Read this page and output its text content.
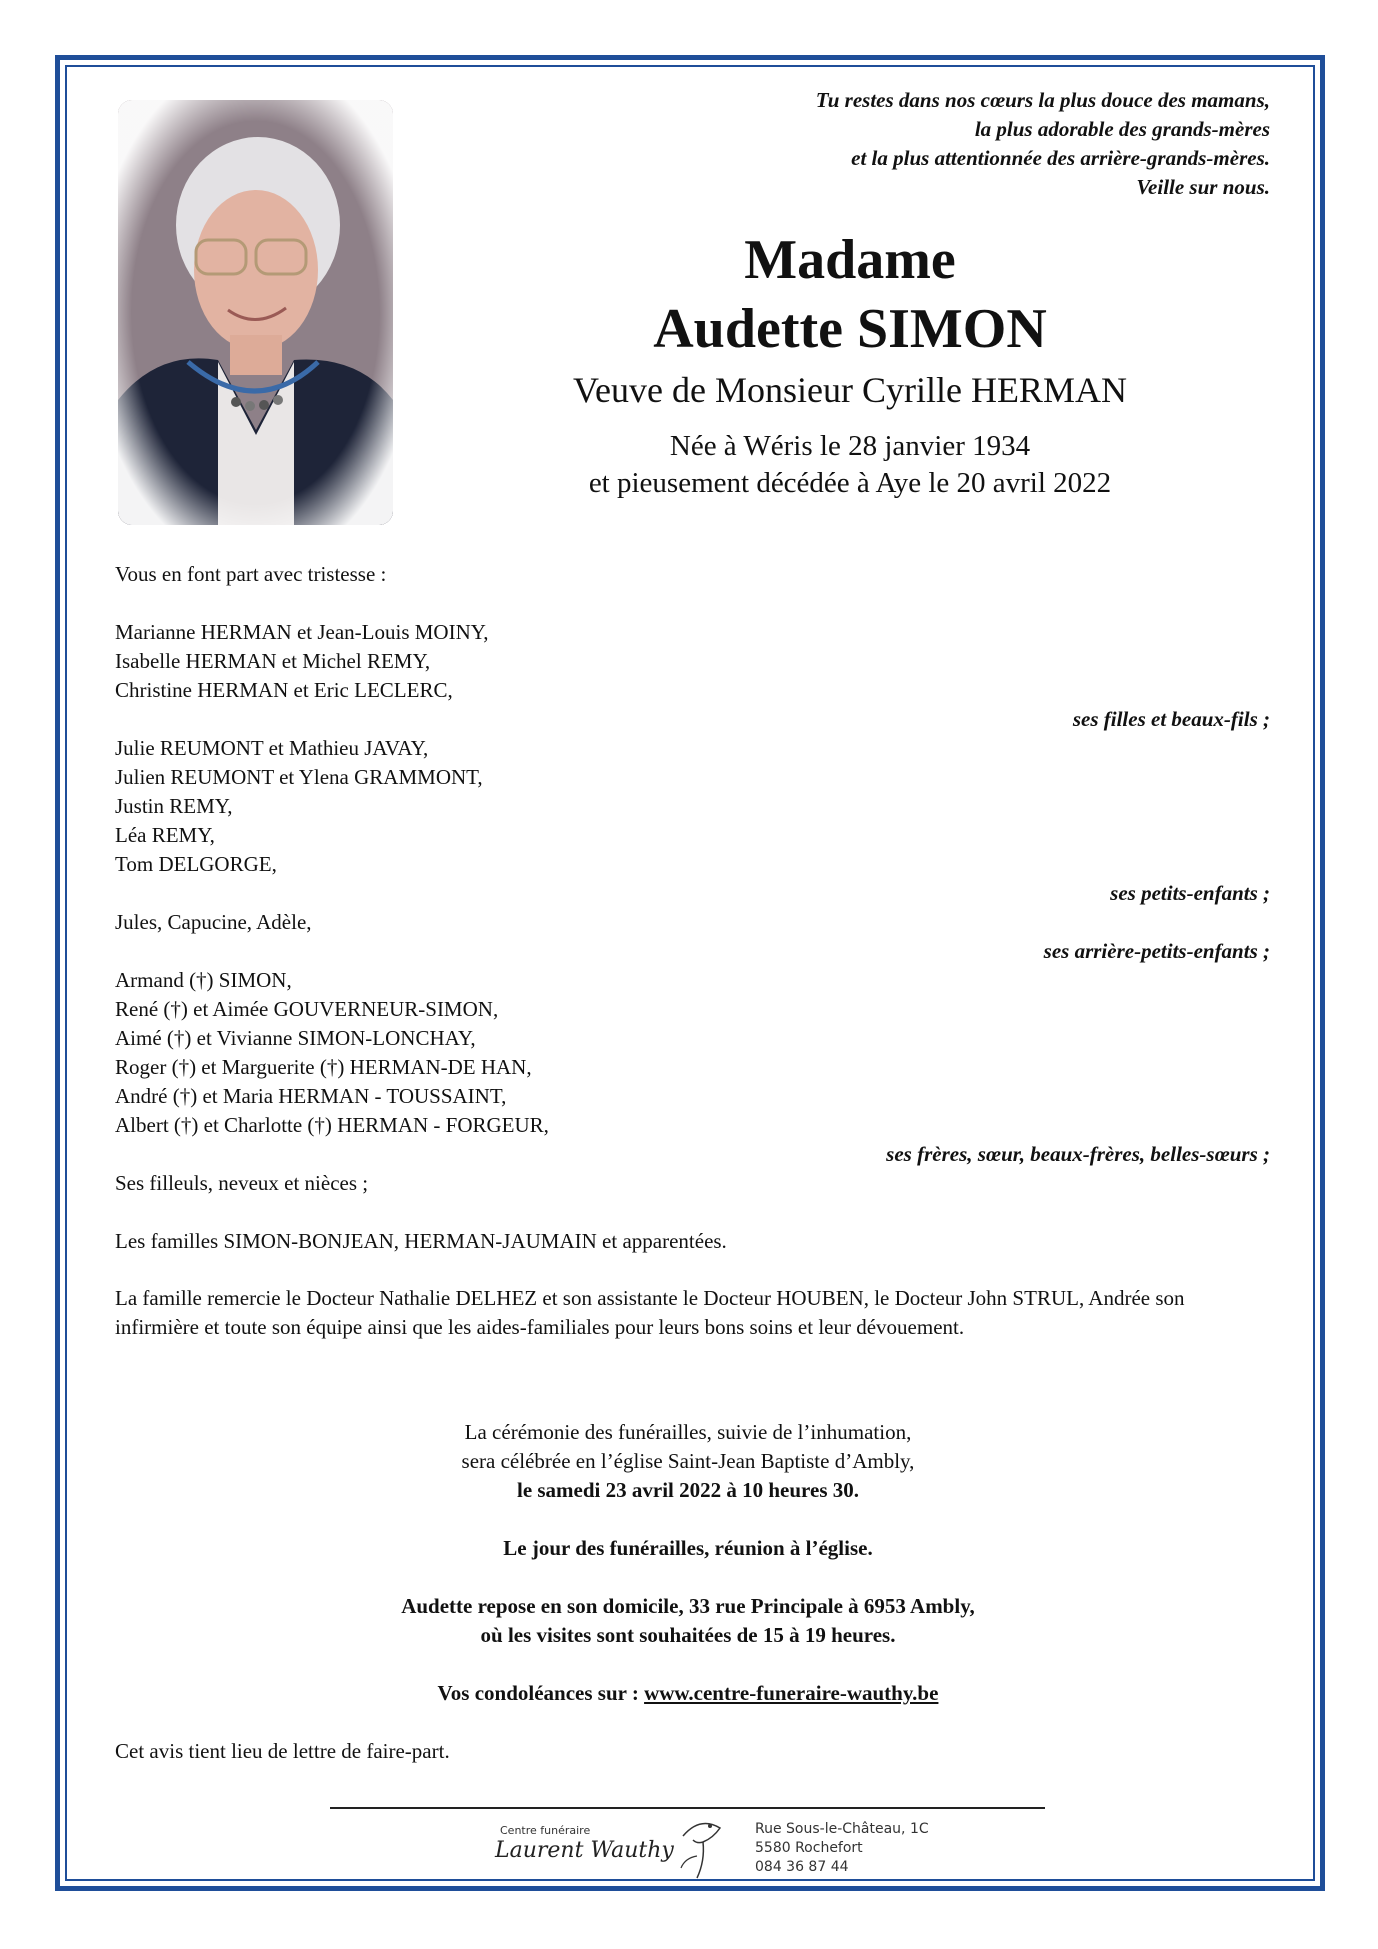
Tu restes dans nos cœurs la plus douce des mamans,
la plus adorable des grands-mères
et la plus attentionnée des arrière-grands-mères.
Veille sur nous.
Madame
Audette SIMON
Veuve de Monsieur Cyrille HERMAN
Née à Wéris le 28 janvier 1934
et pieusement décédée à Aye le 20 avril 2022
Vous en font part avec tristesse :
Marianne HERMAN et Jean-Louis MOINY,
Isabelle HERMAN et Michel REMY,
Christine HERMAN et Eric LECLERC,
ses filles et beaux-fils ;
Julie REUMONT et Mathieu JAVAY,
Julien REUMONT et Ylena GRAMMONT,
Justin REMY,
Léa REMY,
Tom DELGORGE,
ses petits-enfants ;
Jules, Capucine, Adèle,
ses arrière-petits-enfants ;
Armand (†) SIMON,
René (†) et Aimée GOUVERNEUR-SIMON,
Aimé (†) et Vivianne SIMON-LONCHAY,
Roger (†) et Marguerite (†) HERMAN-DE HAN,
André (†) et Maria HERMAN - TOUSSAINT,
Albert (†) et Charlotte (†) HERMAN - FORGEUR,
ses frères, sœur, beaux-frères, belles-sœurs ;
Ses filleuls, neveux et nièces ;
Les familles SIMON-BONJEAN, HERMAN-JAUMAIN et apparentées.
La famille remercie le Docteur Nathalie DELHEZ et son assistante le Docteur HOUBEN, le Docteur John STRUL, Andrée son infirmière et toute son équipe ainsi que les aides-familiales pour leurs bons soins et leur dévouement.
La cérémonie des funérailles, suivie de l’inhumation,
sera célébrée en l’église Saint-Jean Baptiste d’Ambly,
le samedi 23 avril 2022 à 10 heures 30.
Le jour des funérailles, réunion à l’église.
Audette repose en son domicile, 33 rue Principale à 6953 Ambly,
où les visites sont souhaitées de 15 à 19 heures.
Vos condoléances sur : www.centre-funeraire-wauthy.be
Cet avis tient lieu de lettre de faire-part.
Centre funéraire
Laurent Wauthy
Rue Sous-le-Château, 1C
5580 Rochefort
084 36 87 44
